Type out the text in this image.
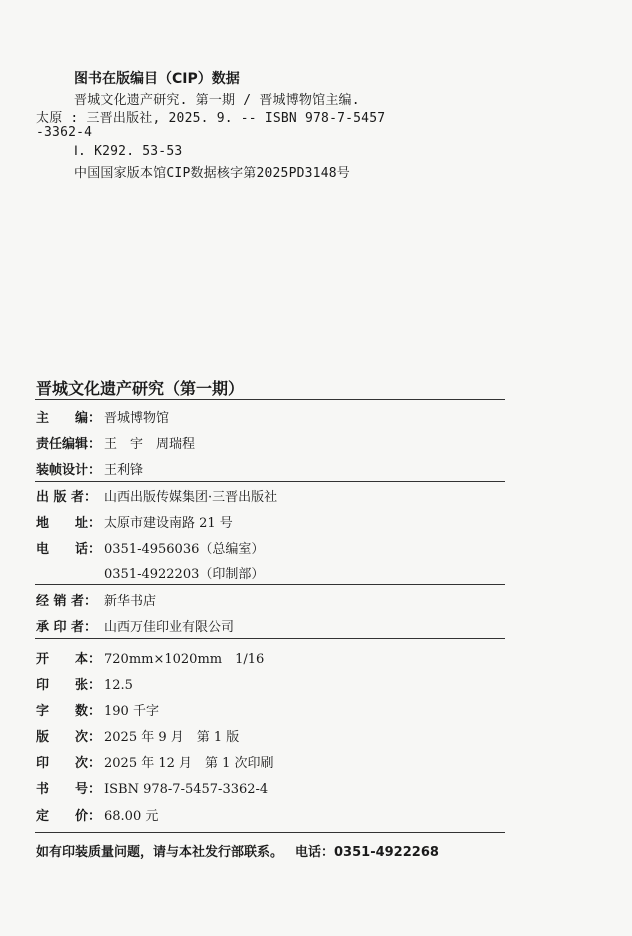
图书在版编目（CIP）数据
晋城文化遗产研究. 第一期 / 晋城博物馆主编.
太原 : 三晋出版社, 2025. 9. -- ISBN 978-7-5457
-3362-4
Ⅰ. K292. 53-53
中国国家版本馆CIP数据核字第2025PD3148号
晋城文化遗产研究（第一期）
主　　编： 晋城博物馆
责任编辑： 王　宇　周瑞程
装帧设计： 王利锋
出 版 者： 山西出版传媒集团·三晋出版社
地　　址： 太原市建设南路 21 号
电　　话： 0351-4956036（总编室）
0351-4922203（印制部）
经 销 者： 新华书店
承 印 者： 山西万佳印业有限公司
开　　本： 720mm×1020mm　1/16
印　　张： 12.5
字　　数： 190 千字
版　　次： 2025 年 9 月　第 1 版
印　　次： 2025 年 12 月　第 1 次印刷
书　　号： ISBN 978-7-5457-3362-4
定　　价： 68.00 元
如有印装质量问题，请与本社发行部联系。 电话：0351-4922268
